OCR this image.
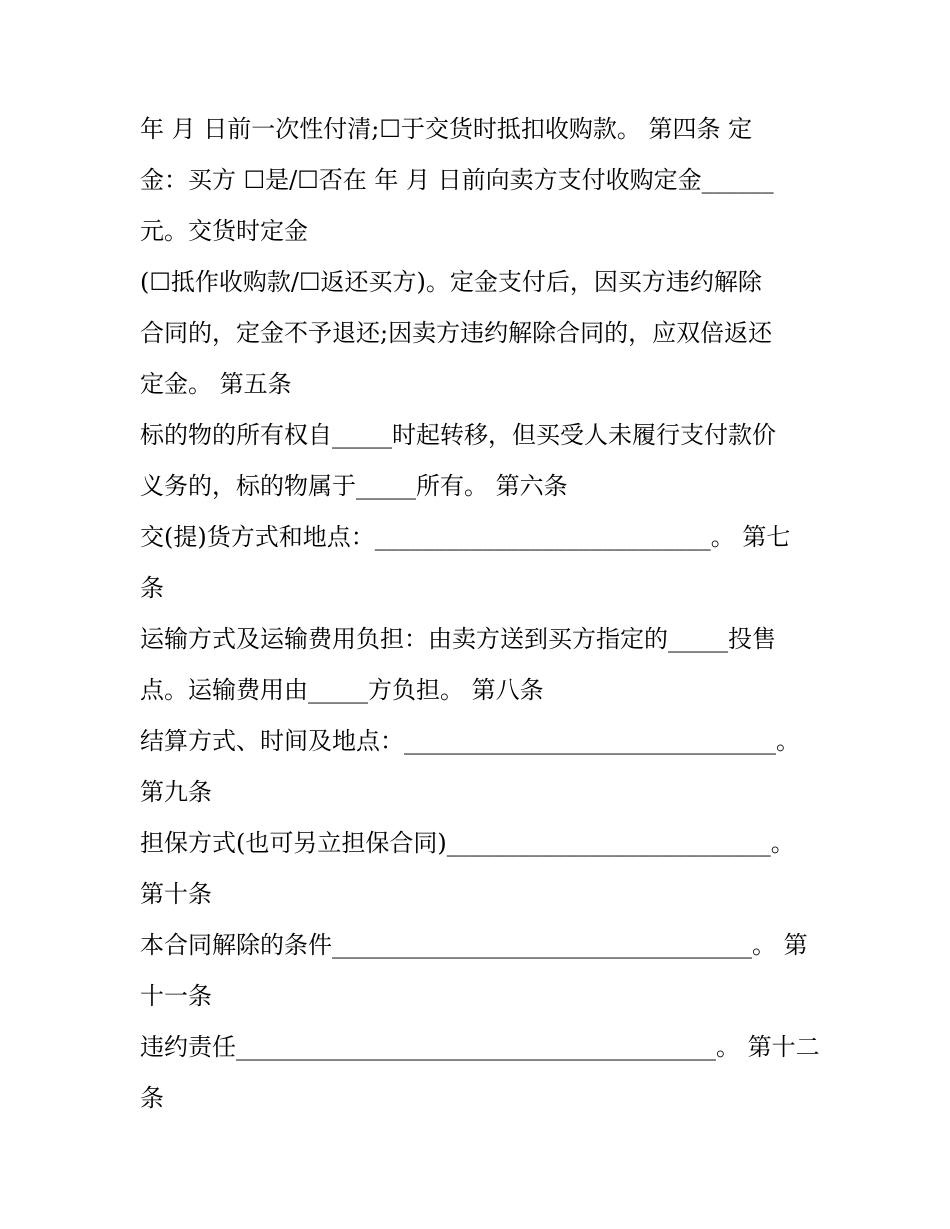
年 月 日前一次性付清;☐于交货时抵扣收购款。 第四条 定
金：买方 ☐是/☐否在 年 月 日前向卖方支付收购定金______
元。交货时定金
(☐抵作收购款/☐返还买方)。定金支付后，因买方违约解除
合同的，定金不予退还;因卖方违约解除合同的，应双倍返还
定金。 第五条
标的物的所有权自_____时起转移，但买受人未履行支付款价
义务的，标的物属于_____所有。 第六条
交(提)货方式和地点：____________________________。 第七
条
运输方式及运输费用负担：由卖方送到买方指定的_____投售
点。运输费用由_____方负担。 第八条
结算方式、时间及地点：_______________________________。
第九条
担保方式(也可另立担保合同)___________________________。
第十条
本合同解除的条件___________________________________。 第
十一条
违约责任________________________________________。 第十二
条
